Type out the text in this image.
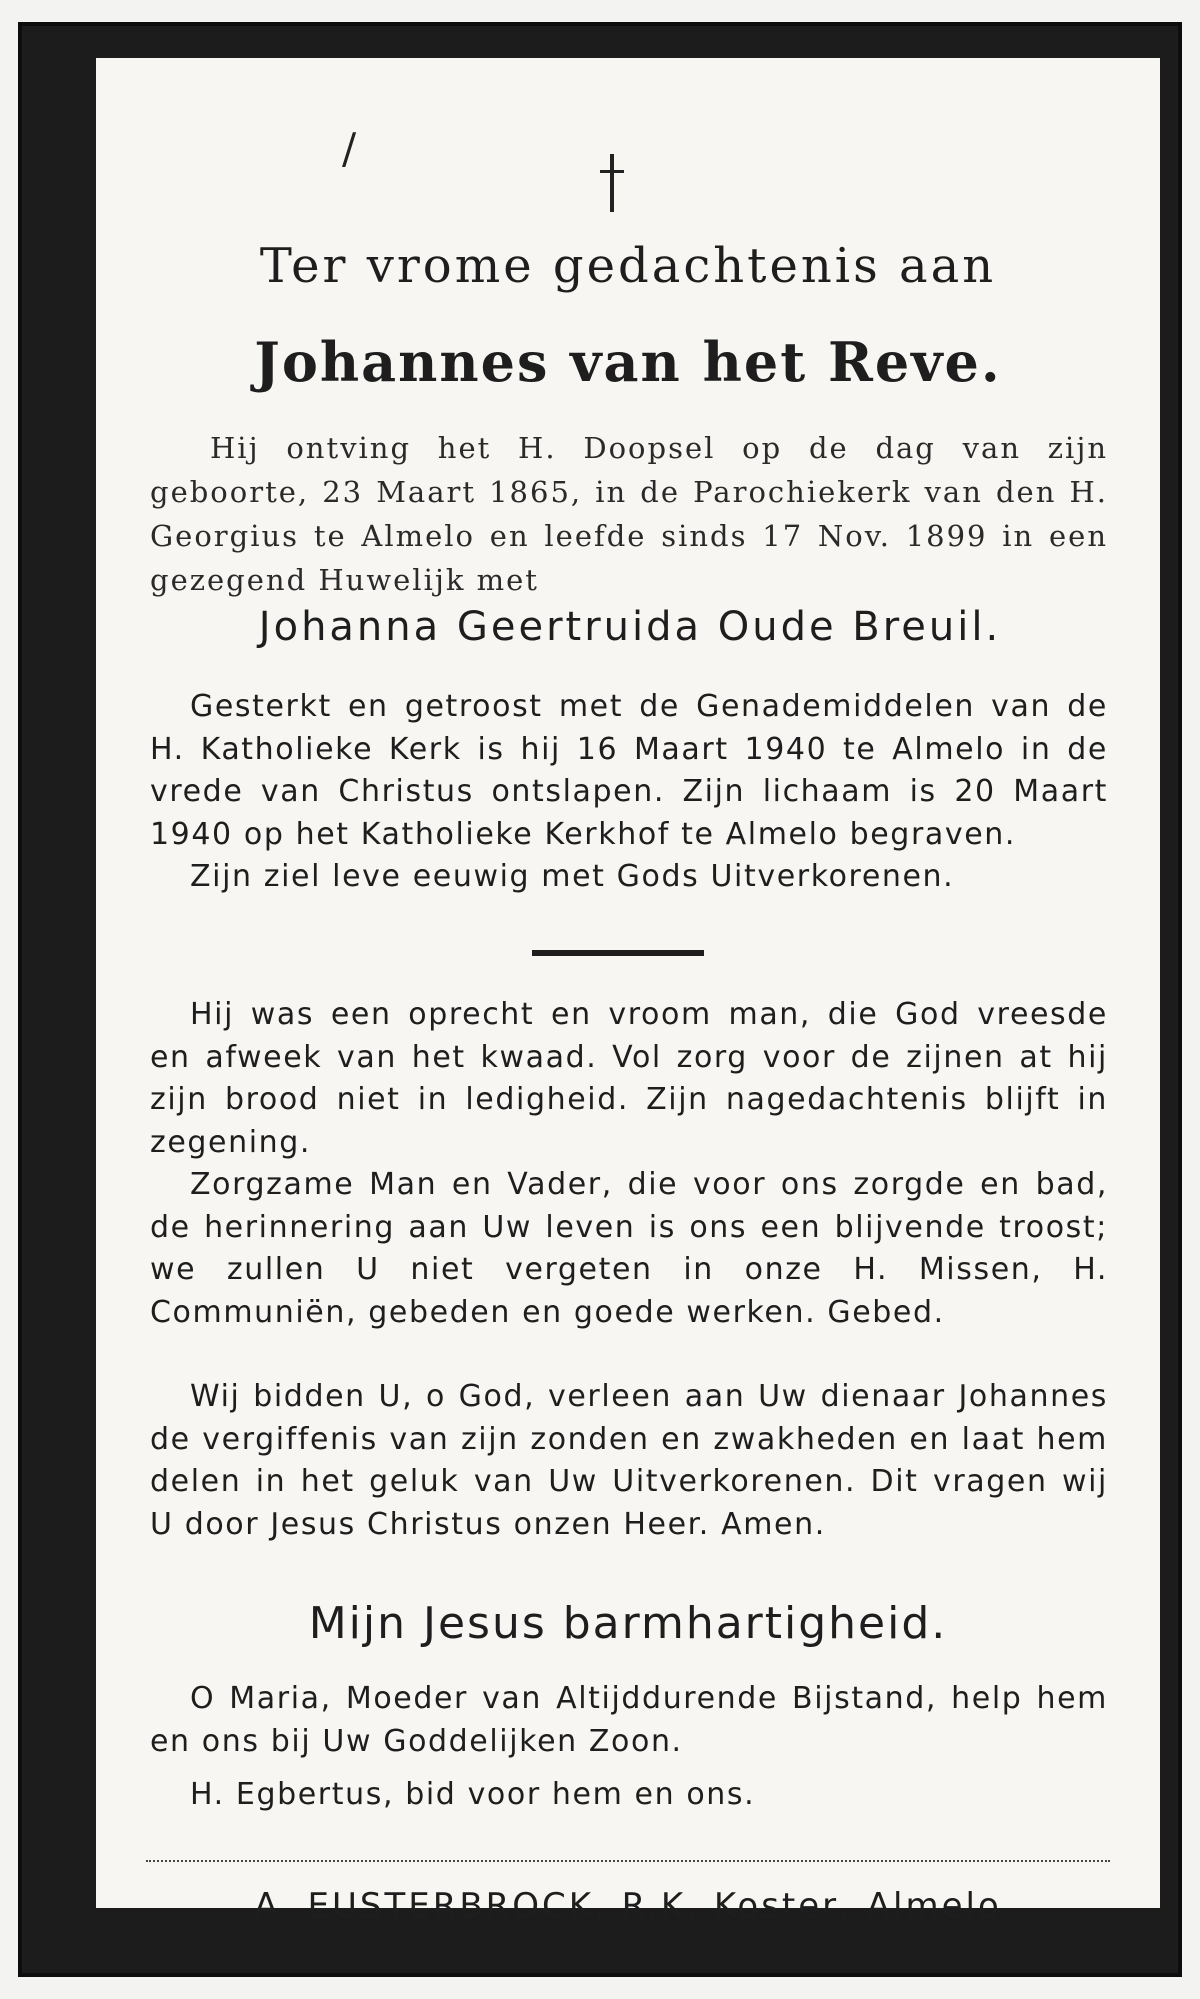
/
Ter vrome gedachtenis aan
Johannes van het Reve.
Hij ontving het H. Doopsel op de dag van zijn geboorte, 23 Maart 1865, in de Parochiekerk van den H. Georgius te Almelo en leefde sinds 17 Nov. 1899 in een gezegend Huwelijk met
Johanna Geertruida Oude Breuil.
Gesterkt en getroost met de Genademiddelen van de H. Katholieke Kerk is hij 16 Maart 1940 te Almelo in de vrede van Christus ontslapen. Zijn lichaam is 20 Maart 1940 op het Katholieke Kerkhof te Almelo begraven.
Zijn ziel leve eeuwig met Gods Uitverkorenen.
Hij was een oprecht en vroom man, die God vreesde en afweek van het kwaad. Vol zorg voor de zijnen at hij zijn brood niet in ledigheid. Zijn nagedachtenis blijft in zegening.
Zorgzame Man en Vader, die voor ons zorgde en bad, de herinnering aan Uw leven is ons een blijvende troost; we zullen U niet vergeten in onze H. Missen, H. Communiën, gebeden en goede werken. Gebed.
Wij bidden U, o God, verleen aan Uw dienaar Johannes de vergiffenis van zijn zonden en zwakheden en laat hem delen in het geluk van Uw Uitverkorenen. Dit vragen wij U door Jesus Christus onzen Heer. Amen.
Mijn Jesus barmhartigheid.
O Maria, Moeder van Altijddurende Bijstand, help hem en ons bij Uw Goddelijken Zoon.
H. Egbertus, bid voor hem en ons.
A. EUSTERBROCK, R.K. Koster, Almelo
